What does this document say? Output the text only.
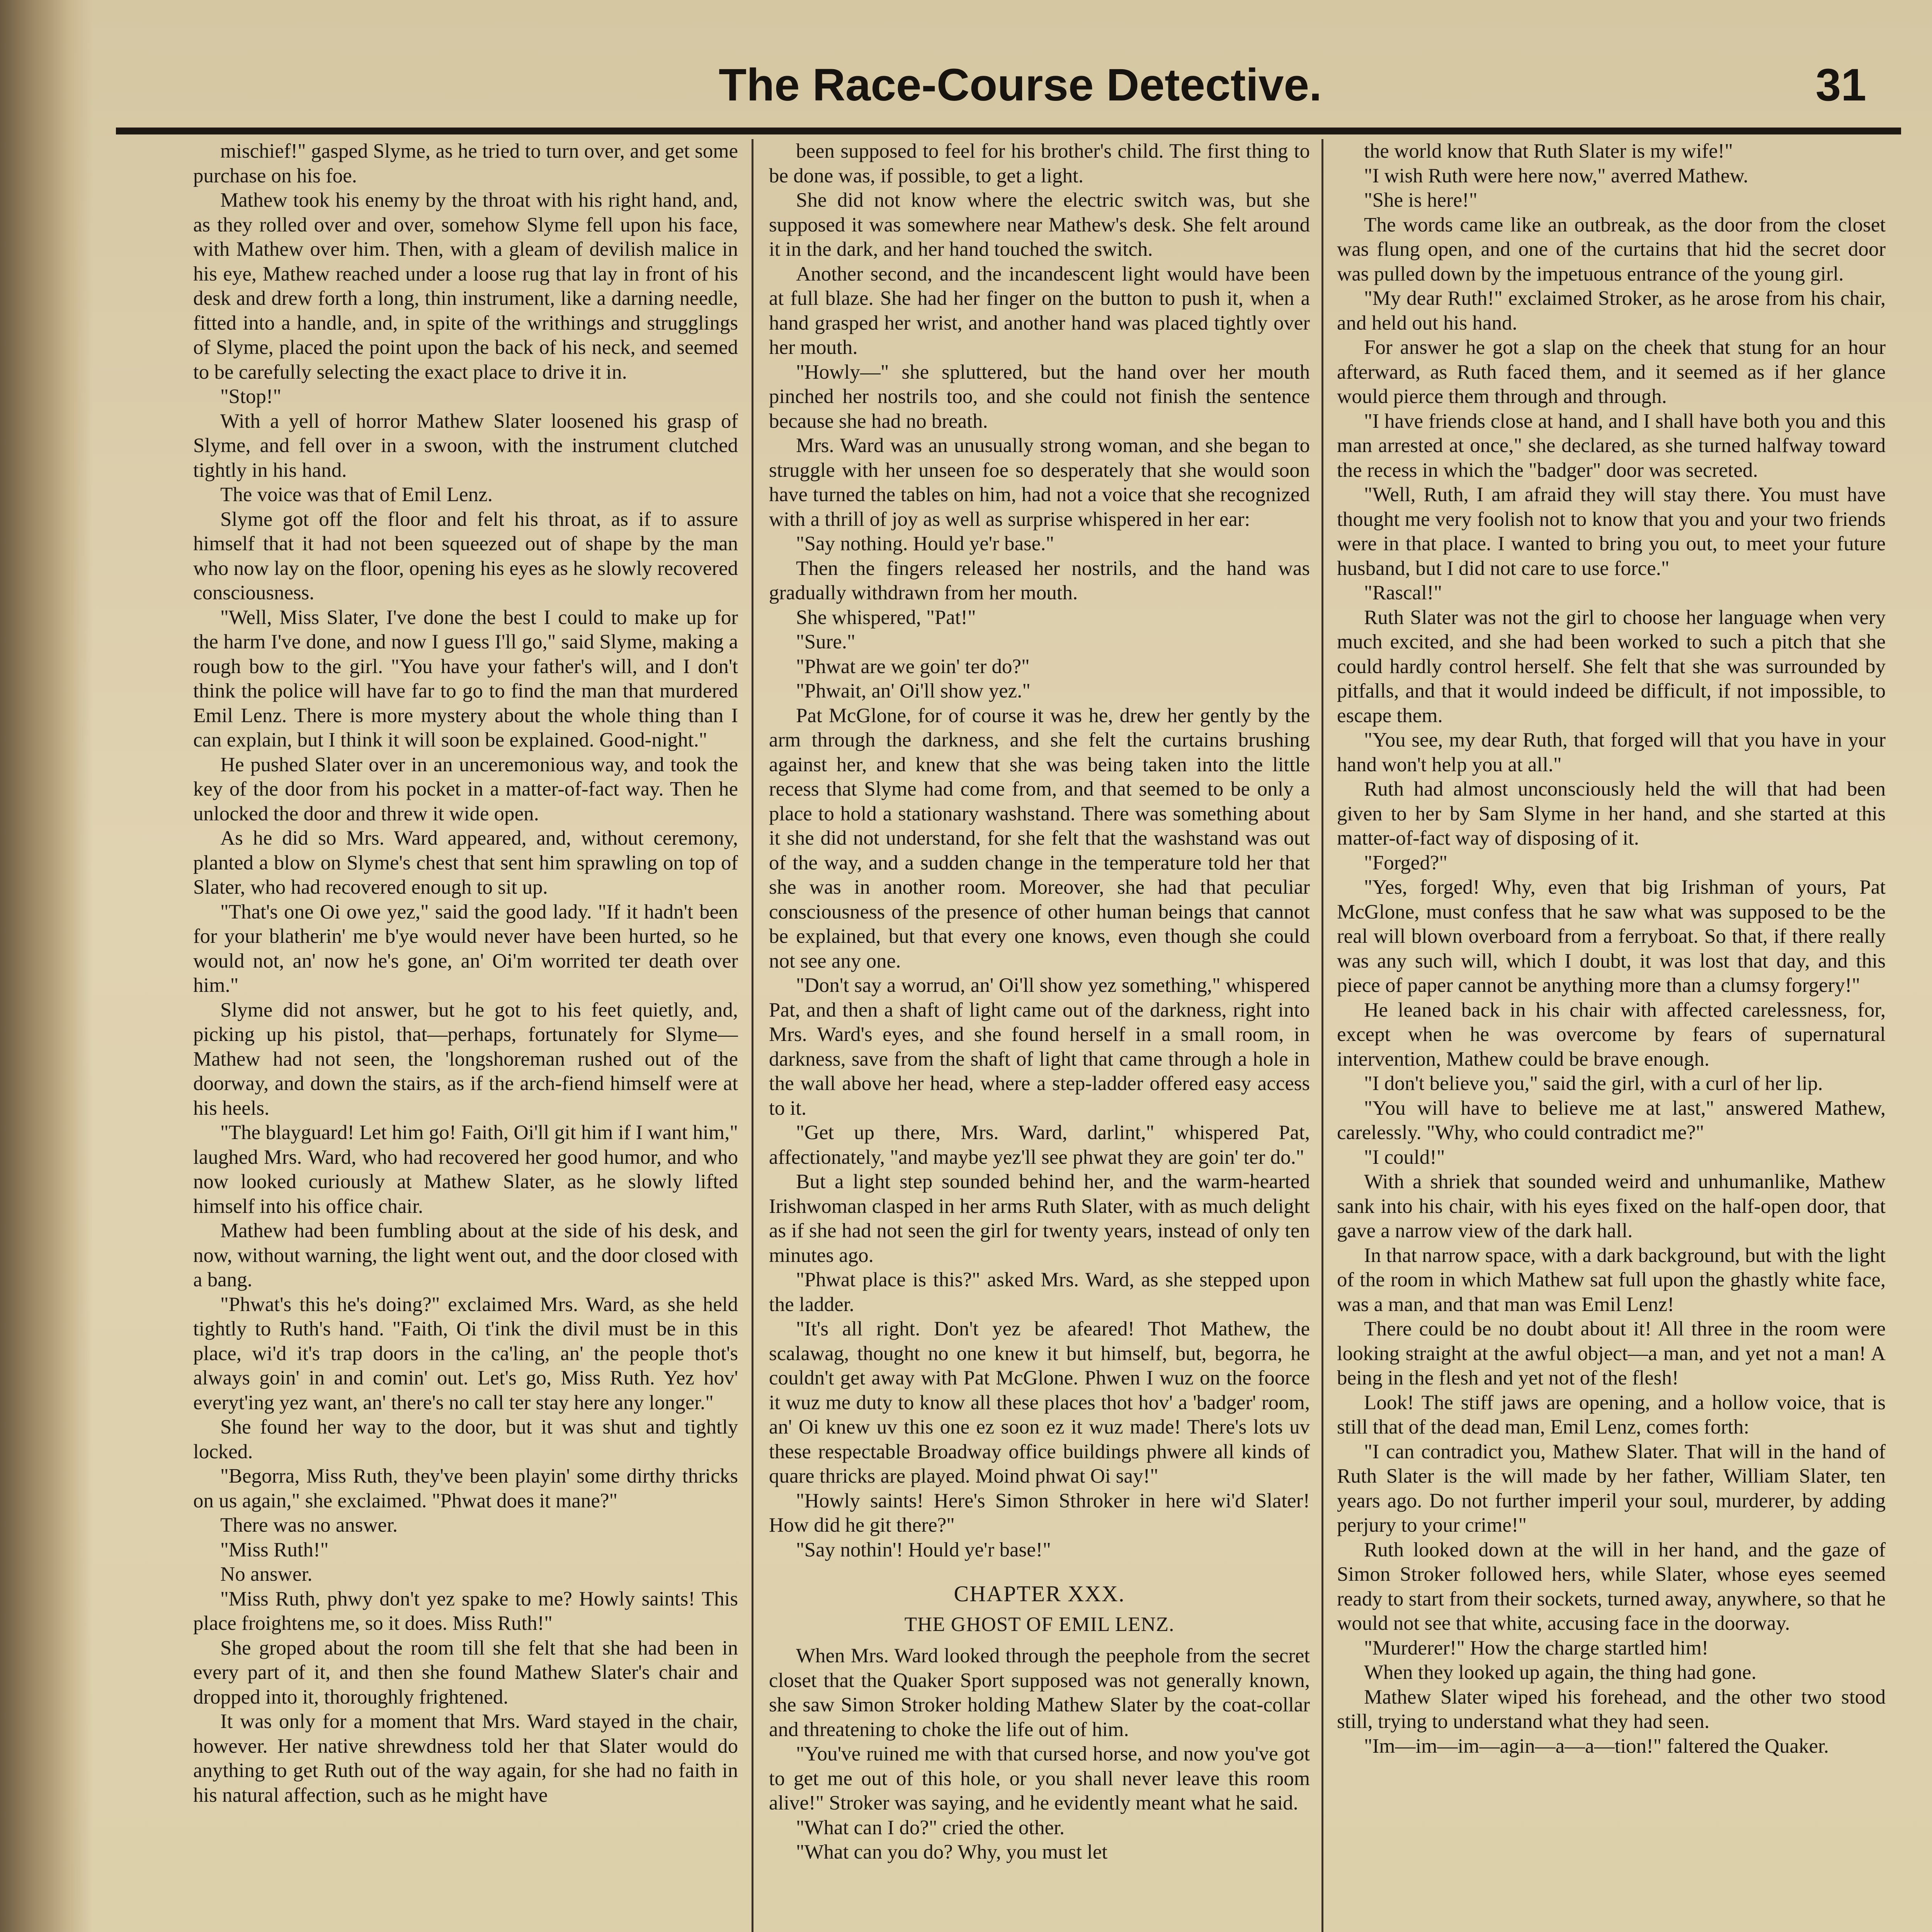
The Race-Course Detective.	31

mischief!" gasped Slyme, as he tried to turn over, and get some purchase on his foe.

Mathew took his enemy by the throat with his right hand, and, as they rolled over and over, somehow Slyme fell upon his face, with Mathew over him. Then, with a gleam of devilish malice in his eye, Mathew reached under a loose rug that lay in front of his desk and drew forth a long, thin instrument, like a darning needle, fitted into a handle, and, in spite of the writhings and strugglings of Slyme, placed the point upon the back of his neck, and seemed to be carefully selecting the exact place to drive it in.

"Stop!"

With a yell of horror Mathew Slater loosened his grasp of Slyme, and fell over in a swoon, with the instrument clutched tightly in his hand.

The voice was that of Emil Lenz.

Slyme got off the floor and felt his throat, as if to assure himself that it had not been squeezed out of shape by the man who now lay on the floor, opening his eyes as he slowly recovered consciousness.

"Well, Miss Slater, I've done the best I could to make up for the harm I've done, and now I guess I'll go," said Slyme, making a rough bow to the girl. "You have your father's will, and I don't think the police will have far to go to find the man that murdered Emil Lenz. There is more mystery about the whole thing than I can explain, but I think it will soon be explained. Good-night."

He pushed Slater over in an unceremonious way, and took the key of the door from his pocket in a matter-of-fact way. Then he unlocked the door and threw it wide open.

As he did so Mrs. Ward appeared, and, without ceremony, planted a blow on Slyme's chest that sent him sprawling on top of Slater, who had recovered enough to sit up.

"That's one Oi owe yez," said the good lady. "If it hadn't been for your blatherin' me b'ye would never have been hurted, so he would not, an' now he's gone, an' Oi'm worrited ter death over him."

Slyme did not answer, but he got to his feet quietly, and, picking up his pistol, that—perhaps, fortunately for Slyme—Mathew had not seen, the 'longshoreman rushed out of the doorway, and down the stairs, as if the arch-fiend himself were at his heels.

"The blayguard! Let him go! Faith, Oi'll git him if I want him," laughed Mrs. Ward, who had recovered her good humor, and who now looked curiously at Mathew Slater, as he slowly lifted himself into his office chair.

Mathew had been fumbling about at the side of his desk, and now, without warning, the light went out, and the door closed with a bang.

"Phwat's this he's doing?" exclaimed Mrs. Ward, as she held tightly to Ruth's hand. "Faith, Oi t'ink the divil must be in this place, wi'd it's trap doors in the ca'ling, an' the people thot's always goin' in and comin' out. Let's go, Miss Ruth. Yez hov' everyt'ing yez want, an' there's no call ter stay here any longer."

She found her way to the door, but it was shut and tightly locked.

"Begorra, Miss Ruth, they've been playin' some dirthy thricks on us again," she exclaimed. "Phwat does it mane?"

There was no answer.

"Miss Ruth!"

No answer.

"Miss Ruth, phwy don't yez spake to me? Howly saints! This place froightens me, so it does. Miss Ruth!"

She groped about the room till she felt that she had been in every part of it, and then she found Mathew Slater's chair and dropped into it, thoroughly frightened.

It was only for a moment that Mrs. Ward stayed in the chair, however. Her native shrewdness told her that Slater would do anything to get Ruth out of the way again, for she had no faith in his natural affection, such as he might have

been supposed to feel for his brother's child. The first thing to be done was, if possible, to get a light.

She did not know where the electric switch was, but she supposed it was somewhere near Mathew's desk. She felt around it in the dark, and her hand touched the switch.

Another second, and the incandescent light would have been at full blaze. She had her finger on the button to push it, when a hand grasped her wrist, and another hand was placed tightly over her mouth.

"Howly—" she spluttered, but the hand over her mouth pinched her nostrils too, and she could not finish the sentence because she had no breath.

Mrs. Ward was an unusually strong woman, and she began to struggle with her unseen foe so desperately that she would soon have turned the tables on him, had not a voice that she recognized with a thrill of joy as well as surprise whispered in her ear:

"Say nothing. Hould ye'r base."

Then the fingers released her nostrils, and the hand was gradually withdrawn from her mouth.

She whispered, "Pat!"

"Sure."

"Phwat are we goin' ter do?"

"Phwait, an' Oi'll show yez."

Pat McGlone, for of course it was he, drew her gently by the arm through the darkness, and she felt the curtains brushing against her, and knew that she was being taken into the little recess that Slyme had come from, and that seemed to be only a place to hold a stationary washstand. There was something about it she did not understand, for she felt that the washstand was out of the way, and a sudden change in the temperature told her that she was in another room. Moreover, she had that peculiar consciousness of the presence of other human beings that cannot be explained, but that every one knows, even though she could not see any one.

"Don't say a worrud, an' Oi'll show yez something," whispered Pat, and then a shaft of light came out of the darkness, right into Mrs. Ward's eyes, and she found herself in a small room, in darkness, save from the shaft of light that came through a hole in the wall above her head, where a step-ladder offered easy access to it.

"Get up there, Mrs. Ward, darlint," whispered Pat, affectionately, "and maybe yez'll see phwat they are goin' ter do."

But a light step sounded behind her, and the warm-hearted Irishwoman clasped in her arms Ruth Slater, with as much delight as if she had not seen the girl for twenty years, instead of only ten minutes ago.

"Phwat place is this?" asked Mrs. Ward, as she stepped upon the ladder.

"It's all right. Don't yez be afeared! Thot Mathew, the scalawag, thought no one knew it but himself, but, begorra, he couldn't get away with Pat McGlone. Phwen I wuz on the foorce it wuz me duty to know all these places thot hov' a 'badger' room, an' Oi knew uv this one ez soon ez it wuz made! There's lots uv these respectable Broadway office buildings phwere all kinds of quare thricks are played. Moind phwat Oi say!"

"Howly saints! Here's Simon Sthroker in here wi'd Slater! How did he git there?"

"Say nothin'! Hould ye'r base!"

CHAPTER XXX.

THE GHOST OF EMIL LENZ.

When Mrs. Ward looked through the peephole from the secret closet that the Quaker Sport supposed was not generally known, she saw Simon Stroker holding Mathew Slater by the coat-collar and threatening to choke the life out of him.

"You've ruined me with that cursed horse, and now you've got to get me out of this hole, or you shall never leave this room alive!" Stroker was saying, and he evidently meant what he said.

"What can I do?" cried the other.

"What can you do? Why, you must let

the world know that Ruth Slater is my wife!"

"I wish Ruth were here now," averred Mathew.

"She is here!"

The words came like an outbreak, as the door from the closet was flung open, and one of the curtains that hid the secret door was pulled down by the impetuous entrance of the young girl.

"My dear Ruth!" exclaimed Stroker, as he arose from his chair, and held out his hand.

For answer he got a slap on the cheek that stung for an hour afterward, as Ruth faced them, and it seemed as if her glance would pierce them through and through.

"I have friends close at hand, and I shall have both you and this man arrested at once," she declared, as she turned halfway toward the recess in which the "badger" door was secreted.

"Well, Ruth, I am afraid they will stay there. You must have thought me very foolish not to know that you and your two friends were in that place. I wanted to bring you out, to meet your future husband, but I did not care to use force."

"Rascal!"

Ruth Slater was not the girl to choose her language when very much excited, and she had been worked to such a pitch that she could hardly control herself. She felt that she was surrounded by pitfalls, and that it would indeed be difficult, if not impossible, to escape them.

"You see, my dear Ruth, that forged will that you have in your hand won't help you at all."

Ruth had almost unconsciously held the will that had been given to her by Sam Slyme in her hand, and she started at this matter-of-fact way of disposing of it.

"Forged?"

"Yes, forged! Why, even that big Irishman of yours, Pat McGlone, must confess that he saw what was supposed to be the real will blown overboard from a ferryboat. So that, if there really was any such will, which I doubt, it was lost that day, and this piece of paper cannot be anything more than a clumsy forgery!"

He leaned back in his chair with affected carelessness, for, except when he was overcome by fears of supernatural intervention, Mathew could be brave enough.

"I don't believe you," said the girl, with a curl of her lip.

"You will have to believe me at last," answered Mathew, carelessly. "Why, who could contradict me?"

"I could!"

With a shriek that sounded weird and unhumanlike, Mathew sank into his chair, with his eyes fixed on the half-open door, that gave a narrow view of the dark hall.

In that narrow space, with a dark background, but with the light of the room in which Mathew sat full upon the ghastly white face, was a man, and that man was Emil Lenz!

There could be no doubt about it! All three in the room were looking straight at the awful object—a man, and yet not a man! A being in the flesh and yet not of the flesh!

Look! The stiff jaws are opening, and a hollow voice, that is still that of the dead man, Emil Lenz, comes forth:

"I can contradict you, Mathew Slater. That will in the hand of Ruth Slater is the will made by her father, William Slater, ten years ago. Do not further imperil your soul, murderer, by adding perjury to your crime!"

Ruth looked down at the will in her hand, and the gaze of Simon Stroker followed hers, while Slater, whose eyes seemed ready to start from their sockets, turned away, anywhere, so that he would not see that white, accusing face in the doorway.

"Murderer!" How the charge startled him!

When they looked up again, the thing had gone.

Mathew Slater wiped his forehead, and the other two stood still, trying to understand what they had seen.

"Im—im—im—agin—a—a—tion!" faltered the Quaker.
